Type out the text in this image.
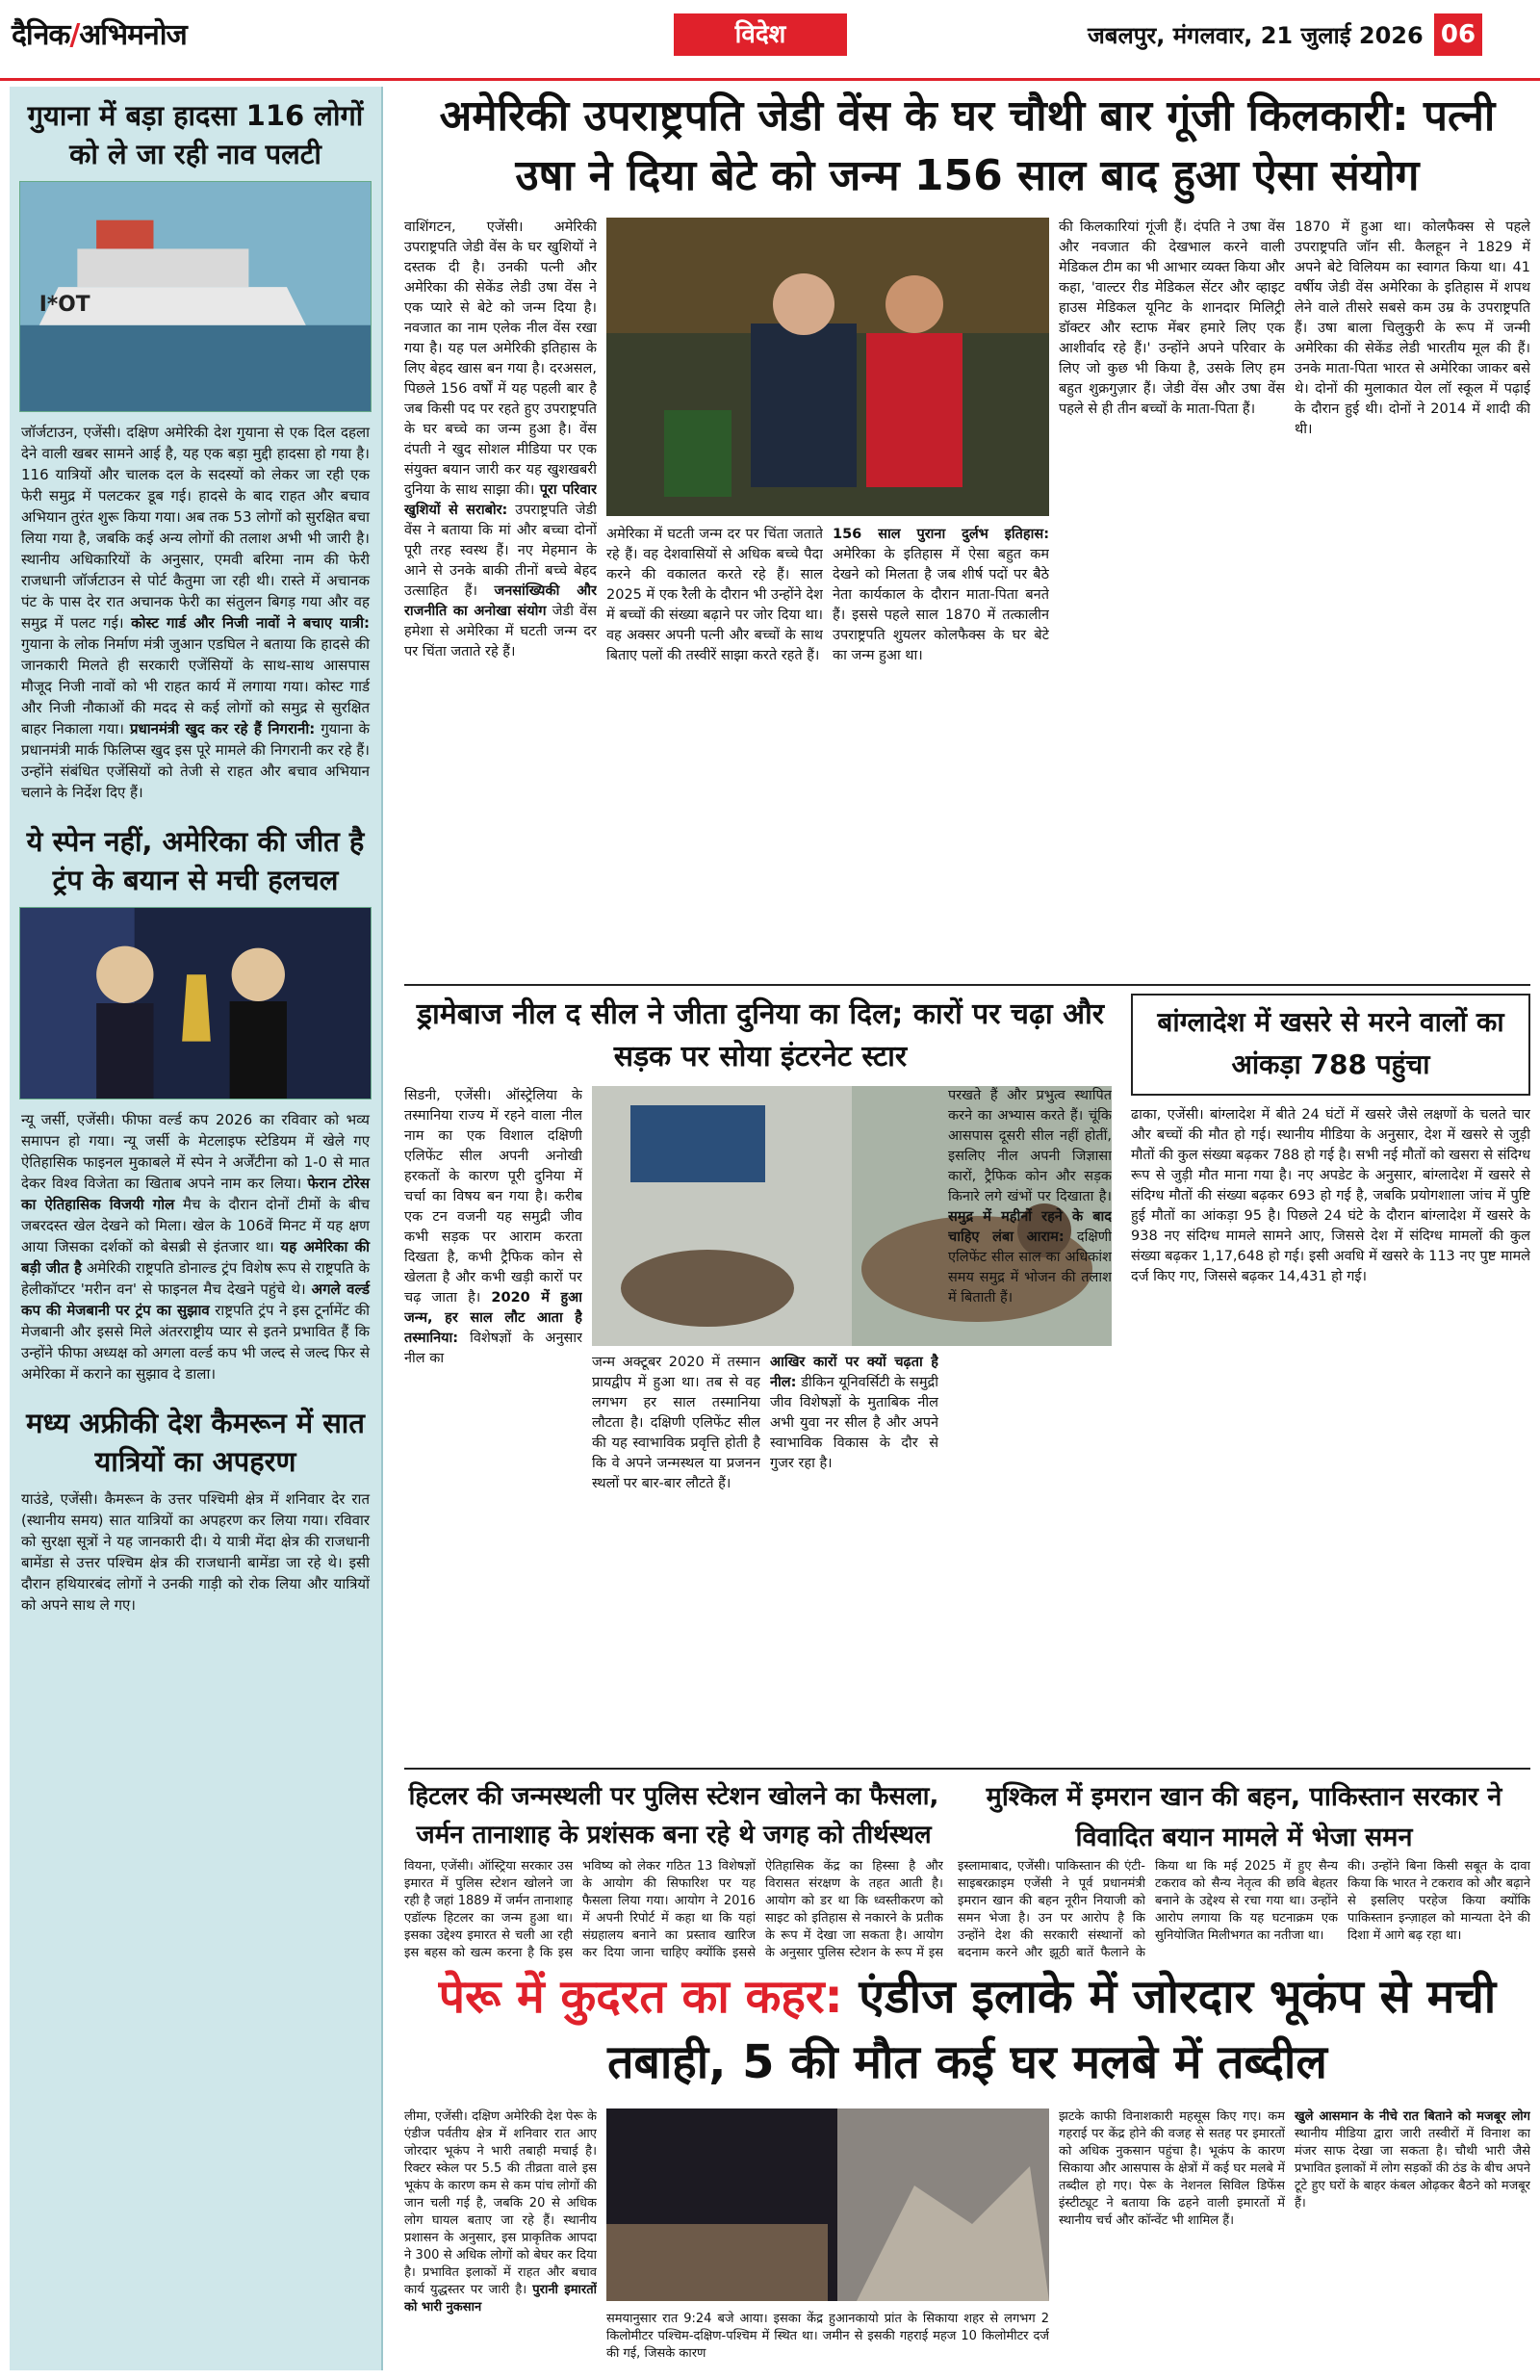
दैनिक/अभिमनोज	विदेश	जबलपुर, मंगलवार, 21 जुलाई 2026 06
गुयाना में बड़ा हादसा 116 लोगों को ले जा रही नाव पलटी
I*OT
जॉर्जटाउन, एजेंसी। दक्षिण अमेरिकी देश गुयाना से एक दिल दहला देने वाली खबर सामने आई है, यह एक बड़ा मुद्दी हादसा हो गया है। 116 यात्रियों और चालक दल के सदस्यों को लेकर जा रही एक फेरी समुद्र में पलटकर डूब गई। हादसे के बाद राहत और बचाव अभियान तुरंत शुरू किया गया। अब तक 53 लोगों को सुरक्षित बचा लिया गया है, जबकि कई अन्य लोगों की तलाश अभी भी जारी है। स्थानीय अधिकारियों के अनुसार, एमवी बरिमा नाम की फेरी राजधानी जॉर्जटाउन से पोर्ट कैतुमा जा रही थी। रास्ते में अचानक पंट के पास देर रात अचानक फेरी का संतुलन बिगड़ गया और वह समुद्र में पलट गई। कोस्ट गार्ड और निजी नावों ने बचाए यात्री: गुयाना के लोक निर्माण मंत्री जुआन एडघिल ने बताया कि हादसे की जानकारी मिलते ही सरकारी एजेंसियों के साथ-साथ आसपास मौजूद निजी नावों को भी राहत कार्य में लगाया गया। कोस्ट गार्ड और निजी नौकाओं की मदद से कई लोगों को समुद्र से सुरक्षित बाहर निकाला गया। प्रधानमंत्री खुद कर रहे हैं निगरानी: गुयाना के प्रधानमंत्री मार्क फिलिप्स खुद इस पूरे मामले की निगरानी कर रहे हैं। उन्होंने संबंधित एजेंसियों को तेजी से राहत और बचाव अभियान चलाने के निर्देश दिए हैं।
ये स्पेन नहीं, अमेरिका की जीत है ट्रंप के बयान से मची हलचल
न्यू जर्सी, एजेंसी। फीफा वर्ल्ड कप 2026 का रविवार को भव्य समापन हो गया। न्यू जर्सी के मेटलाइफ स्टेडियम में खेले गए ऐतिहासिक फाइनल मुकाबले में स्पेन ने अर्जेंटीना को 1-0 से मात देकर विश्व विजेता का खिताब अपने नाम कर लिया। फेरान टोरेस का ऐतिहासिक विजयी गोल मैच के दौरान दोनों टीमों के बीच जबरदस्त खेल देखने को मिला। खेल के 106वें मिनट में यह क्षण आया जिसका दर्शकों को बेसब्री से इंतजार था। यह अमेरिका की बड़ी जीत है अमेरिकी राष्ट्रपति डोनाल्ड ट्रंप विशेष रूप से राष्ट्रपति के हेलीकॉप्टर 'मरीन वन' से फाइनल मैच देखने पहुंचे थे। अगले वर्ल्ड कप की मेजबानी पर ट्रंप का सुझाव राष्ट्रपति ट्रंप ने इस टूर्नामेंट की मेजबानी और इससे मिले अंतरराष्ट्रीय प्यार से इतने प्रभावित हैं कि उन्होंने फीफा अध्यक्ष को अगला वर्ल्ड कप भी जल्द से जल्द फिर से अमेरिका में कराने का सुझाव दे डाला।
मध्य अफ्रीकी देश कैमरून में सात यात्रियों का अपहरण
याउंडे, एजेंसी। कैमरून के उत्तर पश्चिमी क्षेत्र में शनिवार देर रात (स्थानीय समय) सात यात्रियों का अपहरण कर लिया गया। रविवार को सुरक्षा सूत्रों ने यह जानकारी दी। ये यात्री मेंदा क्षेत्र की राजधानी बामेंडा से उत्तर पश्चिम क्षेत्र की राजधानी बामेंडा जा रहे थे। इसी दौरान हथियारबंद लोगों ने उनकी गाड़ी को रोक लिया और यात्रियों को अपने साथ ले गए।
अमेरिकी उपराष्ट्रपति जेडी वेंस के घर चौथी बार गूंजी किलकारी: पत्नी उषा ने दिया बेटे को जन्म 156 साल बाद हुआ ऐसा संयोग
वाशिंगटन, एजेंसी। अमेरिकी उपराष्ट्रपति जेडी वेंस के घर खुशियों ने दस्तक दी है। उनकी पत्नी और अमेरिका की सेकेंड लेडी उषा वेंस ने एक प्यारे से बेटे को जन्म दिया है। नवजात का नाम एलेक नील वेंस रखा गया है। यह पल अमेरिकी इतिहास के लिए बेहद खास बन गया है। दरअसल, पिछले 156 वर्षों में यह पहली बार है जब किसी पद पर रहते हुए उपराष्ट्रपति के घर बच्चे का जन्म हुआ है। वेंस दंपती ने खुद सोशल मीडिया पर एक संयुक्त बयान जारी कर यह खुशखबरी दुनिया के साथ साझा की। पूरा परिवार खुशियों से सराबोर: उपराष्ट्रपति जेडी वेंस ने बताया कि मां और बच्चा दोनों पूरी तरह स्वस्थ हैं। नए मेहमान के आने से उनके बाकी तीनों बच्चे बेहद उत्साहित हैं। जनसांख्यिकी और राजनीति का अनोखा संयोग जेडी वेंस हमेशा से अमेरिका में घटती जन्म दर पर चिंता जताते रहे हैं।
अमेरिका में घटती जन्म दर पर चिंता जताते रहे हैं। वह देशवासियों से अधिक बच्चे पैदा करने की वकालत करते रहे हैं। साल 2025 में एक रैली के दौरान भी उन्होंने देश में बच्चों की संख्या बढ़ाने पर जोर दिया था। वह अक्सर अपनी पत्नी और बच्चों के साथ बिताए पलों की तस्वीरें साझा करते रहते हैं।
156 साल पुराना दुर्लभ इतिहास: अमेरिका के इतिहास में ऐसा बहुत कम देखने को मिलता है जब शीर्ष पदों पर बैठे नेता कार्यकाल के दौरान माता-पिता बनते हैं। इससे पहले साल 1870 में तत्कालीन उपराष्ट्रपति शुयलर कोलफैक्स के घर बेटे का जन्म हुआ था।
की किलकारियां गूंजी हैं। दंपति ने उषा वेंस और नवजात की देखभाल करने वाली मेडिकल टीम का भी आभार व्यक्त किया और कहा, 'वाल्टर रीड मेडिकल सेंटर और व्हाइट हाउस मेडिकल यूनिट के शानदार मिलिट्री डॉक्टर और स्टाफ मेंबर हमारे लिए एक आशीर्वाद रहे हैं।' उन्होंने अपने परिवार के लिए जो कुछ भी किया है, उसके लिए हम बहुत शुक्रगुज़ार हैं। जेडी वेंस और उषा वेंस पहले से ही तीन बच्चों के माता-पिता हैं।
1870 में हुआ था। कोलफैक्स से पहले उपराष्ट्रपति जॉन सी. कैलहून ने 1829 में अपने बेटे विलियम का स्वागत किया था। 41 वर्षीय जेडी वेंस अमेरिका के इतिहास में शपथ लेने वाले तीसरे सबसे कम उम्र के उपराष्ट्रपति हैं। उषा बाला चिलुकुरी के रूप में जन्मी अमेरिका की सेकेंड लेडी भारतीय मूल की हैं। उनके माता-पिता भारत से अमेरिका जाकर बसे थे। दोनों की मुलाकात येल लॉ स्कूल में पढ़ाई के दौरान हुई थी। दोनों ने 2014 में शादी की थी।
ड्रामेबाज नील द सील ने जीता दुनिया का दिल; कारों पर चढ़ा और सड़क पर सोया इंटरनेट स्टार
सिडनी, एजेंसी। ऑस्ट्रेलिया के तस्मानिया राज्य में रहने वाला नील नाम का एक विशाल दक्षिणी एलिफेंट सील अपनी अनोखी हरकतों के कारण पूरी दुनिया में चर्चा का विषय बन गया है। करीब एक टन वजनी यह समुद्री जीव कभी सड़क पर आराम करता दिखता है, कभी ट्रैफिक कोन से खेलता है और कभी खड़ी कारों पर चढ़ जाता है। 2020 में हुआ जन्म, हर साल लौट आता है तस्मानिया: विशेषज्ञों के अनुसार नील का	जन्म अक्टूबर 2020 में तस्मान प्रायद्वीप में हुआ था। तब से वह लगभग हर साल तस्मानिया लौटता है। दक्षिणी एलिफेंट सील की यह स्वाभाविक प्रवृत्ति होती है कि वे अपने जन्मस्थल या प्रजनन स्थलों पर बार-बार लौटते हैं।
आखिर कारों पर क्यों चढ़ता है नील: डीकिन यूनिवर्सिटी के समुद्री जीव विशेषज्ञों के मुताबिक नील अभी युवा नर सील है और अपने स्वाभाविक विकास के दौर से गुजर रहा है।
परखते हैं और प्रभुत्व स्थापित करने का अभ्यास करते हैं। चूंकि आसपास दूसरी सील नहीं होतीं, इसलिए नील अपनी जिज्ञासा कारों, ट्रैफिक कोन और सड़क किनारे लगे खंभों पर दिखाता है। समुद्र में महीनों रहने के बाद चाहिए लंबा आराम: दक्षिणी एलिफेंट सील साल का अधिकांश समय समुद्र में भोजन की तलाश में बिताती हैं।
बांग्लादेश में खसरे से मरने वालों का आंकड़ा 788 पहुंचा
ढाका, एजेंसी। बांग्लादेश में बीते 24 घंटों में खसरे जैसे लक्षणों के चलते चार और बच्चों की मौत हो गई। स्थानीय मीडिया के अनुसार, देश में खसरे से जुड़ी मौतों की कुल संख्या बढ़कर 788 हो गई है। सभी नई मौतों को खसरा से संदिग्ध रूप से जुड़ी मौत माना गया है। नए अपडेट के अनुसार, बांग्लादेश में खसरे से संदिग्ध मौतों की संख्या बढ़कर 693 हो गई है, जबकि प्रयोगशाला जांच में पुष्टि हुई मौतों का आंकड़ा 95 है। पिछले 24 घंटे के दौरान बांग्लादेश में खसरे के 938 नए संदिग्ध मामले सामने आए, जिससे देश में संदिग्ध मामलों की कुल संख्या बढ़कर 1,17,648 हो गई। इसी अवधि में खसरे के 113 नए पुष्ट मामले दर्ज किए गए, जिससे बढ़कर 14,431 हो गई।
हिटलर की जन्मस्थली पर पुलिस स्टेशन खोलने का फैसला, जर्मन तानाशाह के प्रशंसक बना रहे थे जगह को तीर्थस्थल
मुश्किल में इमरान खान की बहन, पाकिस्तान सरकार ने विवादित बयान मामले में भेजा समन
पेरू में कुदरत का कहर: एंडीज इलाके में जोरदार भूकंप से मची तबाही, 5 की मौत कई घर मलबे में तब्दील
वियना, एजेंसी। ऑस्ट्रिया सरकार उस इमारत में पुलिस स्टेशन खोलने जा रही है जहां 1889 में जर्मन तानाशाह एडॉल्फ हिटलर का जन्म हुआ था। इसका उद्देश्य इमारत से चली आ रही इस बहस को खत्म करना है कि इस
भविष्य को लेकर गठित 13 विशेषज्ञों के आयोग की सिफारिश पर यह फैसला लिया गया। आयोग ने 2016 में अपनी रिपोर्ट में कहा था कि यहां संग्रहालय बनाने का प्रस्ताव खारिज कर दिया जाना चाहिए क्योंकि इससे
ऐतिहासिक केंद्र का हिस्सा है और विरासत संरक्षण के तहत आती है। आयोग को डर था कि ध्वस्तीकरण को साइट को इतिहास से नकारने के प्रतीक के रूप में देखा जा सकता है। आयोग के अनुसार पुलिस स्टेशन के रूप में इस
इस्लामाबाद, एजेंसी। पाकिस्तान की एंटी-साइबरक्राइम एजेंसी ने पूर्व प्रधानमंत्री इमरान खान की बहन नूरीन नियाजी को समन भेजा है। उन पर आरोप है कि उन्होंने देश की सरकारी संस्थानों को बदनाम करने और झूठी बातें फैलाने के
किया था कि मई 2025 में हुए सैन्य टकराव को सैन्य नेतृत्व की छवि बेहतर बनाने के उद्देश्य से रचा गया था। उन्होंने आरोप लगाया कि यह घटनाक्रम एक सुनियोजित मिलीभगत का नतीजा था।
की। उन्होंने बिना किसी सबूत के दावा किया कि भारत ने टकराव को और बढ़ाने से इसलिए परहेज किया क्योंकि पाकिस्तान इन्ज़ाहल को मान्यता देने की दिशा में आगे बढ़ रहा था।
लीमा, एजेंसी। दक्षिण अमेरिकी देश पेरू के एंडीज पर्वतीय क्षेत्र में शनिवार रात आए जोरदार भूकंप ने भारी तबाही मचाई है। रिक्टर स्केल पर 5.5 की तीव्रता वाले इस भूकंप के कारण कम से कम पांच लोगों की जान चली गई है, जबकि 20 से अधिक लोग घायल बताए जा रहे हैं। स्थानीय प्रशासन के अनुसार, इस प्राकृतिक आपदा ने 300 से अधिक लोगों को बेघर कर दिया है। प्रभावित इलाकों में राहत और बचाव कार्य युद्धस्तर पर जारी है। पुरानी इमारतों को भारी नुकसान
झटके काफी विनाशकारी महसूस किए गए। कम गहराई पर केंद्र होने की वजह से सतह पर इमारतों को अधिक नुकसान पहुंचा है। भूकंप के कारण सिकाया और आसपास के क्षेत्रों में कई घर मलबे में तब्दील हो गए। पेरू के नेशनल सिविल डिफेंस इंस्टीट्यूट ने बताया कि ढहने वाली इमारतों में स्थानीय चर्च और कॉन्वेंट भी शामिल हैं।
खुले आसमान के नीचे रात बिताने को मजबूर लोग स्थानीय मीडिया द्वारा जारी तस्वीरों में विनाश का मंजर साफ देखा जा सकता है। चौथी भारी जैसे प्रभावित इलाकों में लोग सड़कों की ठंड के बीच अपने टूटे हुए घरों के बाहर कंबल ओढ़कर बैठने को मजबूर हैं।
समयानुसार रात 9:24 बजे आया। इसका केंद्र हुआनकायो प्रांत के सिकाया शहर से लगभग 2 किलोमीटर पश्चिम-दक्षिण-पश्चिम में स्थित था। जमीन से इसकी गहराई महज 10 किलोमीटर दर्ज की गई, जिसके कारण
